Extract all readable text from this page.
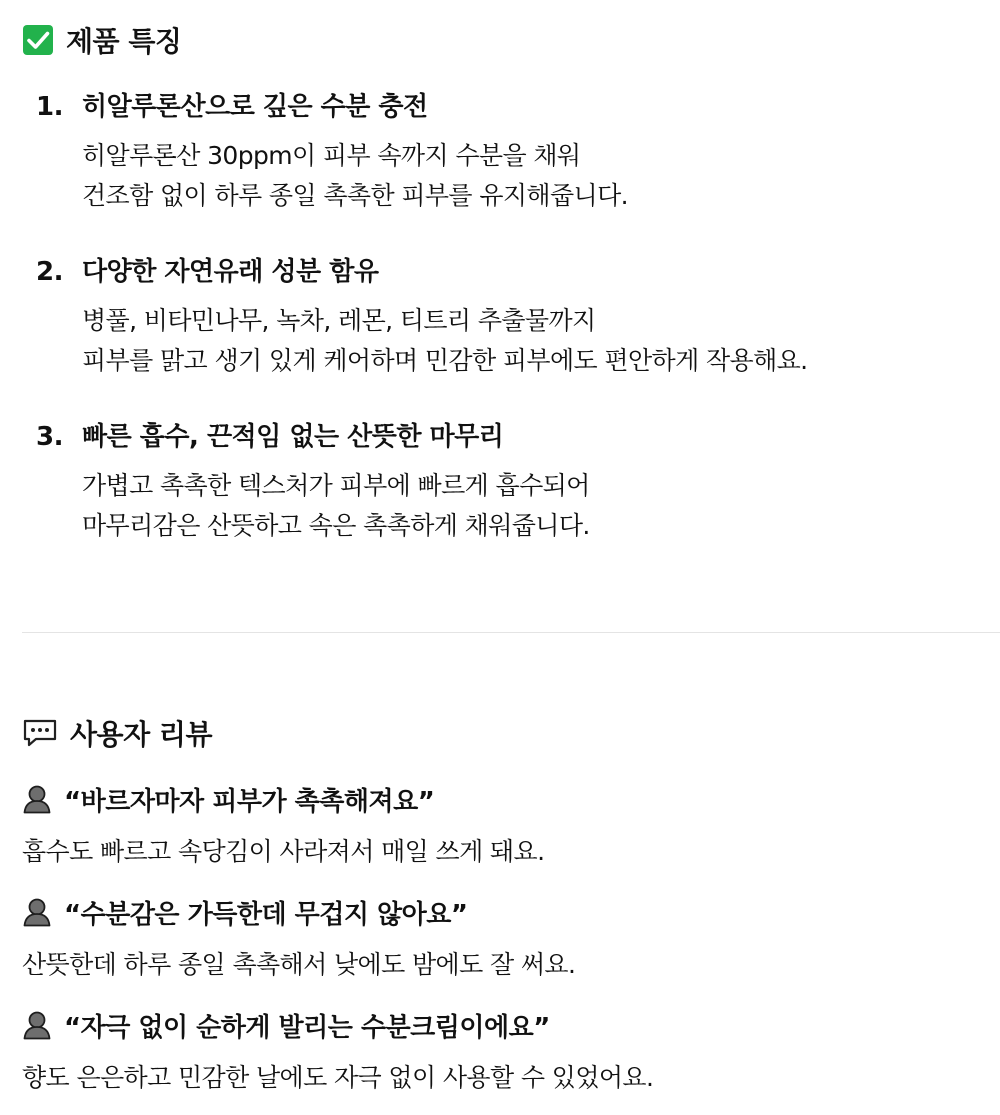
제품 특징
1. 히알루론산으로 깊은 수분 충전
히알루론산 30ppm이 피부 속까지 수분을 채워
건조함 없이 하루 종일 촉촉한 피부를 유지해줍니다.
2. 다양한 자연유래 성분 함유
병풀, 비타민나무, 녹차, 레몬, 티트리 추출물까지
피부를 맑고 생기 있게 케어하며 민감한 피부에도 편안하게 작용해요.
3. 빠른 흡수, 끈적임 없는 산뜻한 마무리
가볍고 촉촉한 텍스처가 피부에 빠르게 흡수되어
마무리감은 산뜻하고 속은 촉촉하게 채워줍니다.
사용자 리뷰
“바르자마자 피부가 촉촉해져요”
흡수도 빠르고 속당김이 사라져서 매일 쓰게 돼요.
“수분감은 가득한데 무겁지 않아요”
산뜻한데 하루 종일 촉촉해서 낮에도 밤에도 잘 써요.
“자극 없이 순하게 발리는 수분크림이에요”
향도 은은하고 민감한 날에도 자극 없이 사용할 수 있었어요.
